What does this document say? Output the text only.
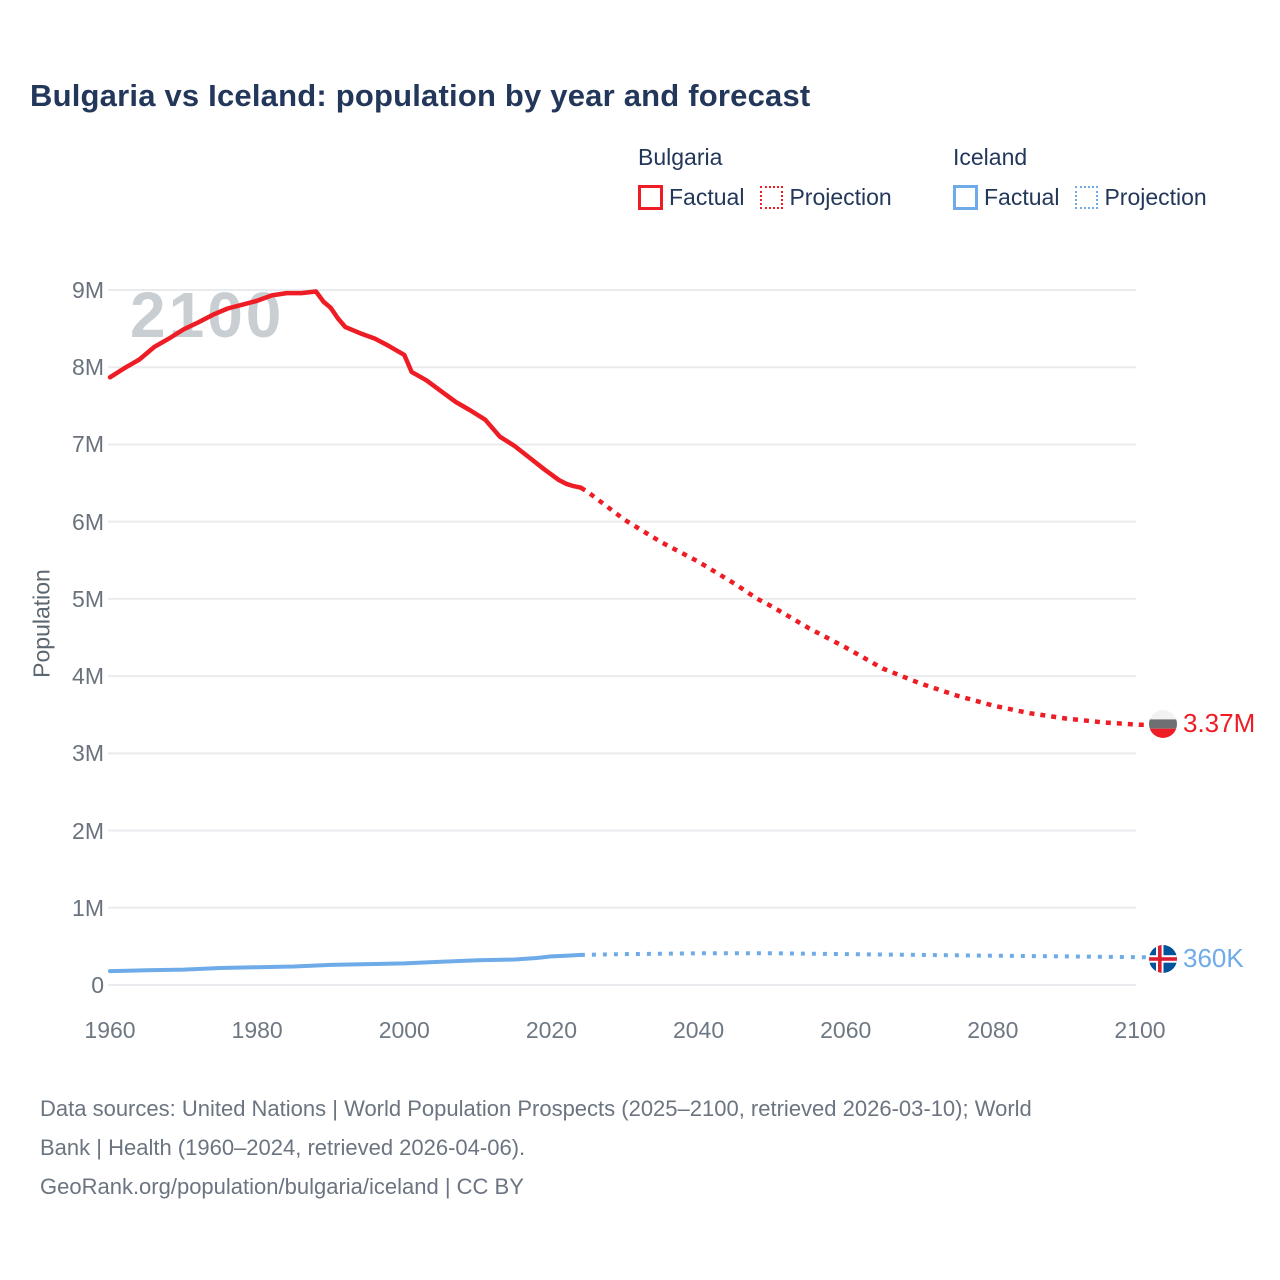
Bulgaria vs Iceland: population by year and forecast
Bulgaria
Factual Projection
Iceland
Factual Projection
2100
Population
0
1M
2M
3M
4M
5M
6M
7M
8M
9M
1960	1980	2000	2020	2040	2060	2080	2100
3.37M
360K
Data sources: United Nations | World Population Prospects (2025–2100, retrieved 2026-03-10); World
Bank | Health (1960–2024, retrieved 2026-04-06).
GeoRank.org/population/bulgaria/iceland | CC BY
